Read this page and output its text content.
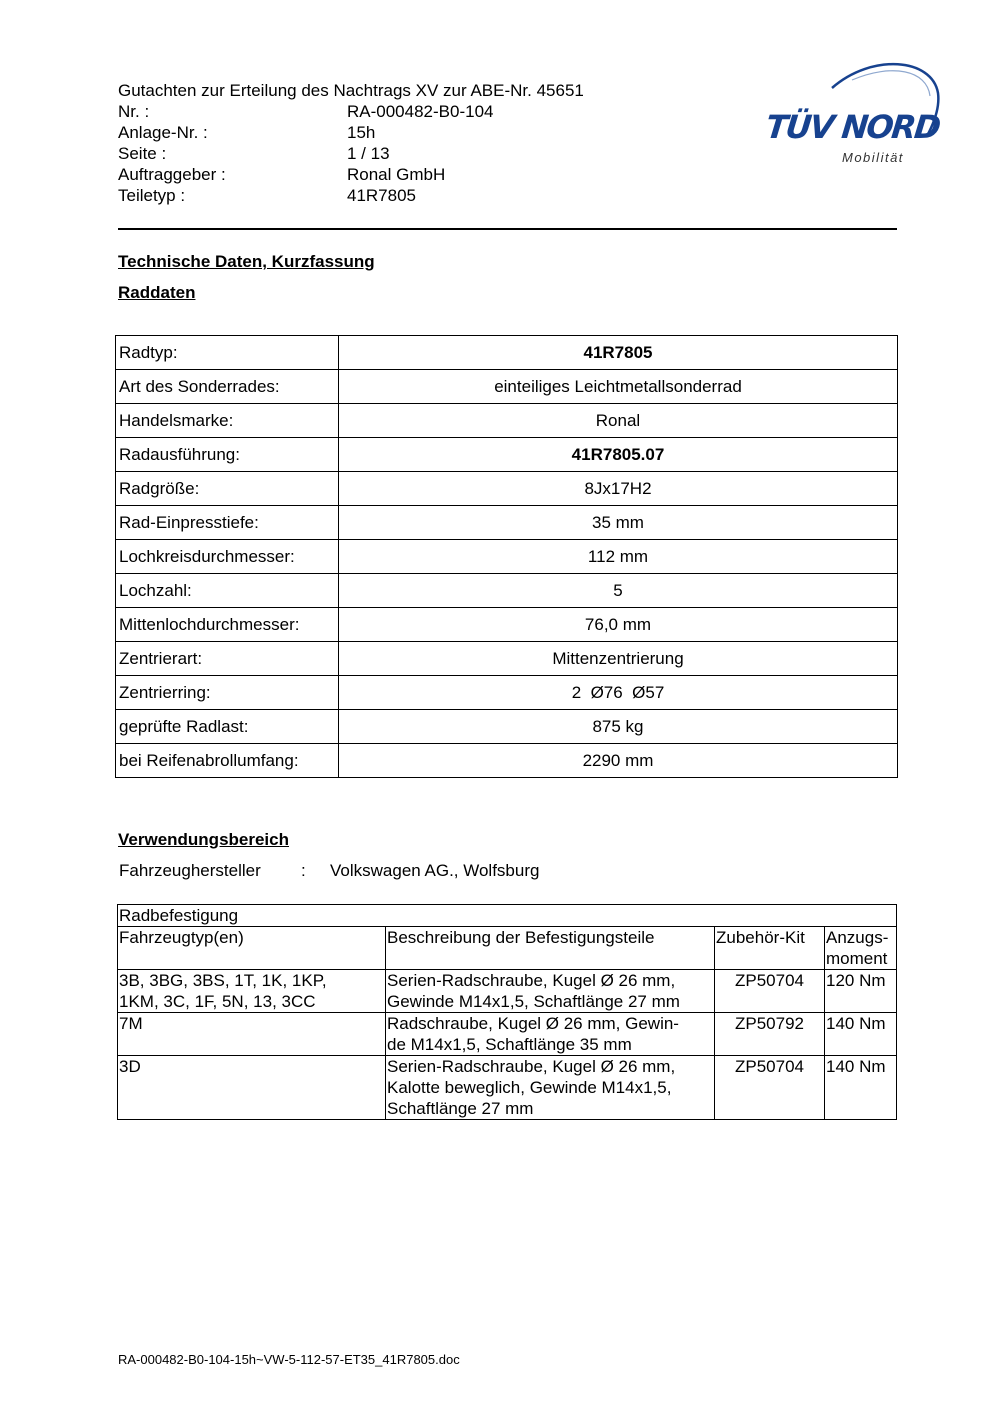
Gutachten zur Erteilung des Nachtrags XV zur ABE-Nr. 45651
Nr. :	RA-000482-B0-104
Anlage-Nr. :	15h
Seite :	1 / 13
Auftraggeber :	Ronal GmbH
Teiletyp :	41R7805
TÜV NORD
Mobilität
Technische Daten, Kurzfassung
Raddaten
Radtyp:	41R7805
Art des Sonderrades:	einteiliges Leichtmetallsonderrad
Handelsmarke:	Ronal
Radausführung:	41R7805.07
Radgröße:	8Jx17H2
Rad-Einpresstiefe:	35 mm
Lochkreisdurchmesser:	112 mm
Lochzahl:	5
Mittenlochdurchmesser:	76,0 mm
Zentrierart:	Mittenzentrierung
Zentrierring:	2  Ø76  Ø57
geprüfte Radlast:	875 kg
bei Reifenabrollumfang:	2290 mm
Verwendungsbereich
Fahrzeughersteller	:	Volkswagen AG., Wolfsburg
Radbefestigung			
Fahrzeugtyp(en)	Beschreibung der Befestigungsteile	Zubehör-Kit	Anzugs-
moment
3B, 3BG, 3BS, 1T, 1K, 1KP,
1KM, 3C, 1F, 5N, 13, 3CC	Serien-Radschraube, Kugel Ø 26 mm,
Gewinde M14x1,5, Schaftlänge 27 mm	ZP50704	120 Nm
7M	Radschraube, Kugel Ø 26 mm, Gewin-
de M14x1,5, Schaftlänge 35 mm	ZP50792	140 Nm
3D	Serien-Radschraube, Kugel Ø 26 mm,
Kalotte beweglich, Gewinde M14x1,5,
Schaftlänge 27 mm	ZP50704	140 Nm
RA-000482-B0-104-15h~VW-5-112-57-ET35_41R7805.doc
